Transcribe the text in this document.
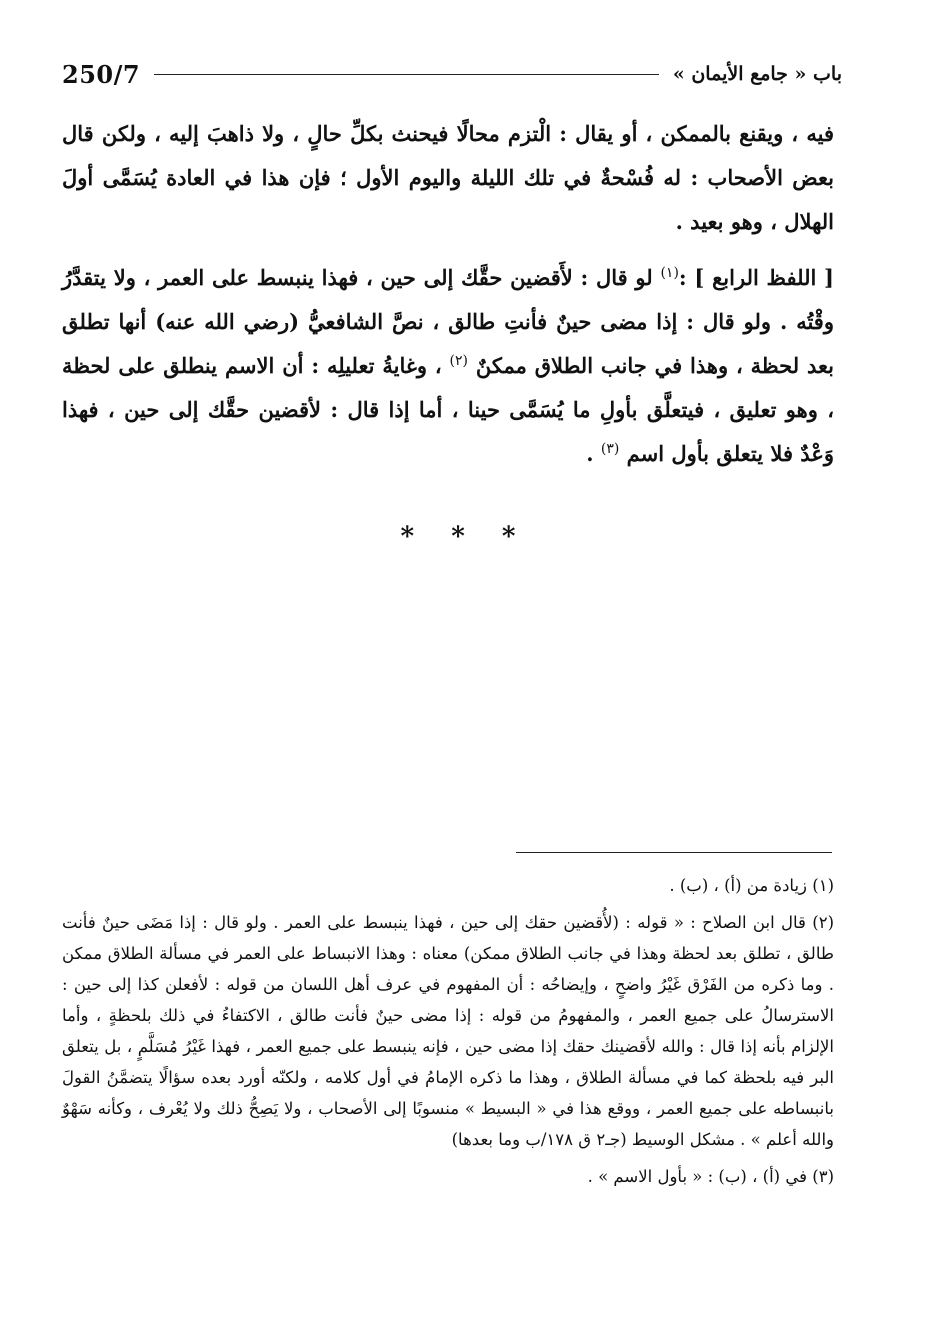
250/7	باب « جامع الأيمان »

فيه ، ويقنع بالممكن ، أو يقال : الْتزم محالًا فيحنث بكلِّ حالٍ ، ولا ذاهبَ إليه ، ولكن قال بعض الأصحاب : له فُسْحةٌ في تلك الليلة واليوم الأول ؛ فإن هذا في العادة يُسَمَّى أولَ الهلال ، وهو بعيد .

[ اللفظ الرابع ] :$^{(١)}$ لو قال : لأَقضين حقَّك إلى حين ، فهذا ينبسط على العمر ، ولا يتقدَّرُ وقْتُه . ولو قال : إذا مضى حينٌ فأنتِ طالق ، نصَّ الشافعيُّ (رضي الله عنه) أنها تطلق بعد لحظة ، وهذا في جانب الطلاق ممكنٌ $^{(٢)}$ ، وغايةُ تعليلِه : أن الاسم ينطلق على لحظة ، وهو تعليق ، فيتعلَّق بأولِ ما يُسَمَّى حينا ، أما إذا قال : لأقضين حقَّك إلى حين ، فهذا وَعْدٌ فلا يتعلق بأول اسم $^{(٣)}$ .

* * *

(١) زيادة من (أ) ، (ب) .

(٢) قال ابن الصلاح : « قوله : (لأُقضين حقك إلى حين ، فهذا ينبسط على العمر . ولو قال : إذا مَضَى حينٌ فأنت طالق ، تطلق بعد لحظة وهذا في جانب الطلاق ممكن) معناه : وهذا الانبساط على العمر في مسألة الطلاق ممكن . وما ذكره من الفَرْق غَيْرُ واضحٍ ، وإيضاحُه : أن المفهوم في عرف أهل اللسان من قوله : لأفعلن كذا إلى حين : الاسترسالُ على جميع العمر ، والمفهومُ من قوله : إذا مضى حينٌ فأنت طالق ، الاكتفاءُ في ذلك بلحظةٍ ، وأما الإلزام بأنه إذا قال : والله لأقضينك حقك إذا مضى حين ، فإنه ينبسط على جميع العمر ، فهذا غَيْرُ مُسَلَّمٍ ، بل يتعلق البر فيه بلحظة كما في مسألة الطلاق ، وهذا ما ذكره الإمامُ في أول كلامه ، ولكنّه أورد بعده سؤالًا يتضمَّنُ القولَ بانبساطه على جميع العمر ، ووقع هذا في « البسيط » منسوبًا إلى الأصحاب ، ولا يَصِحُّ ذلك ولا يُعْرف ، وكأنه سَهْوٌ والله أعلم » . مشكل الوسيط (جـ٢ ق ١٧٨/ب وما بعدها)

(٣) في (أ) ، (ب) : « بأول الاسم » .
